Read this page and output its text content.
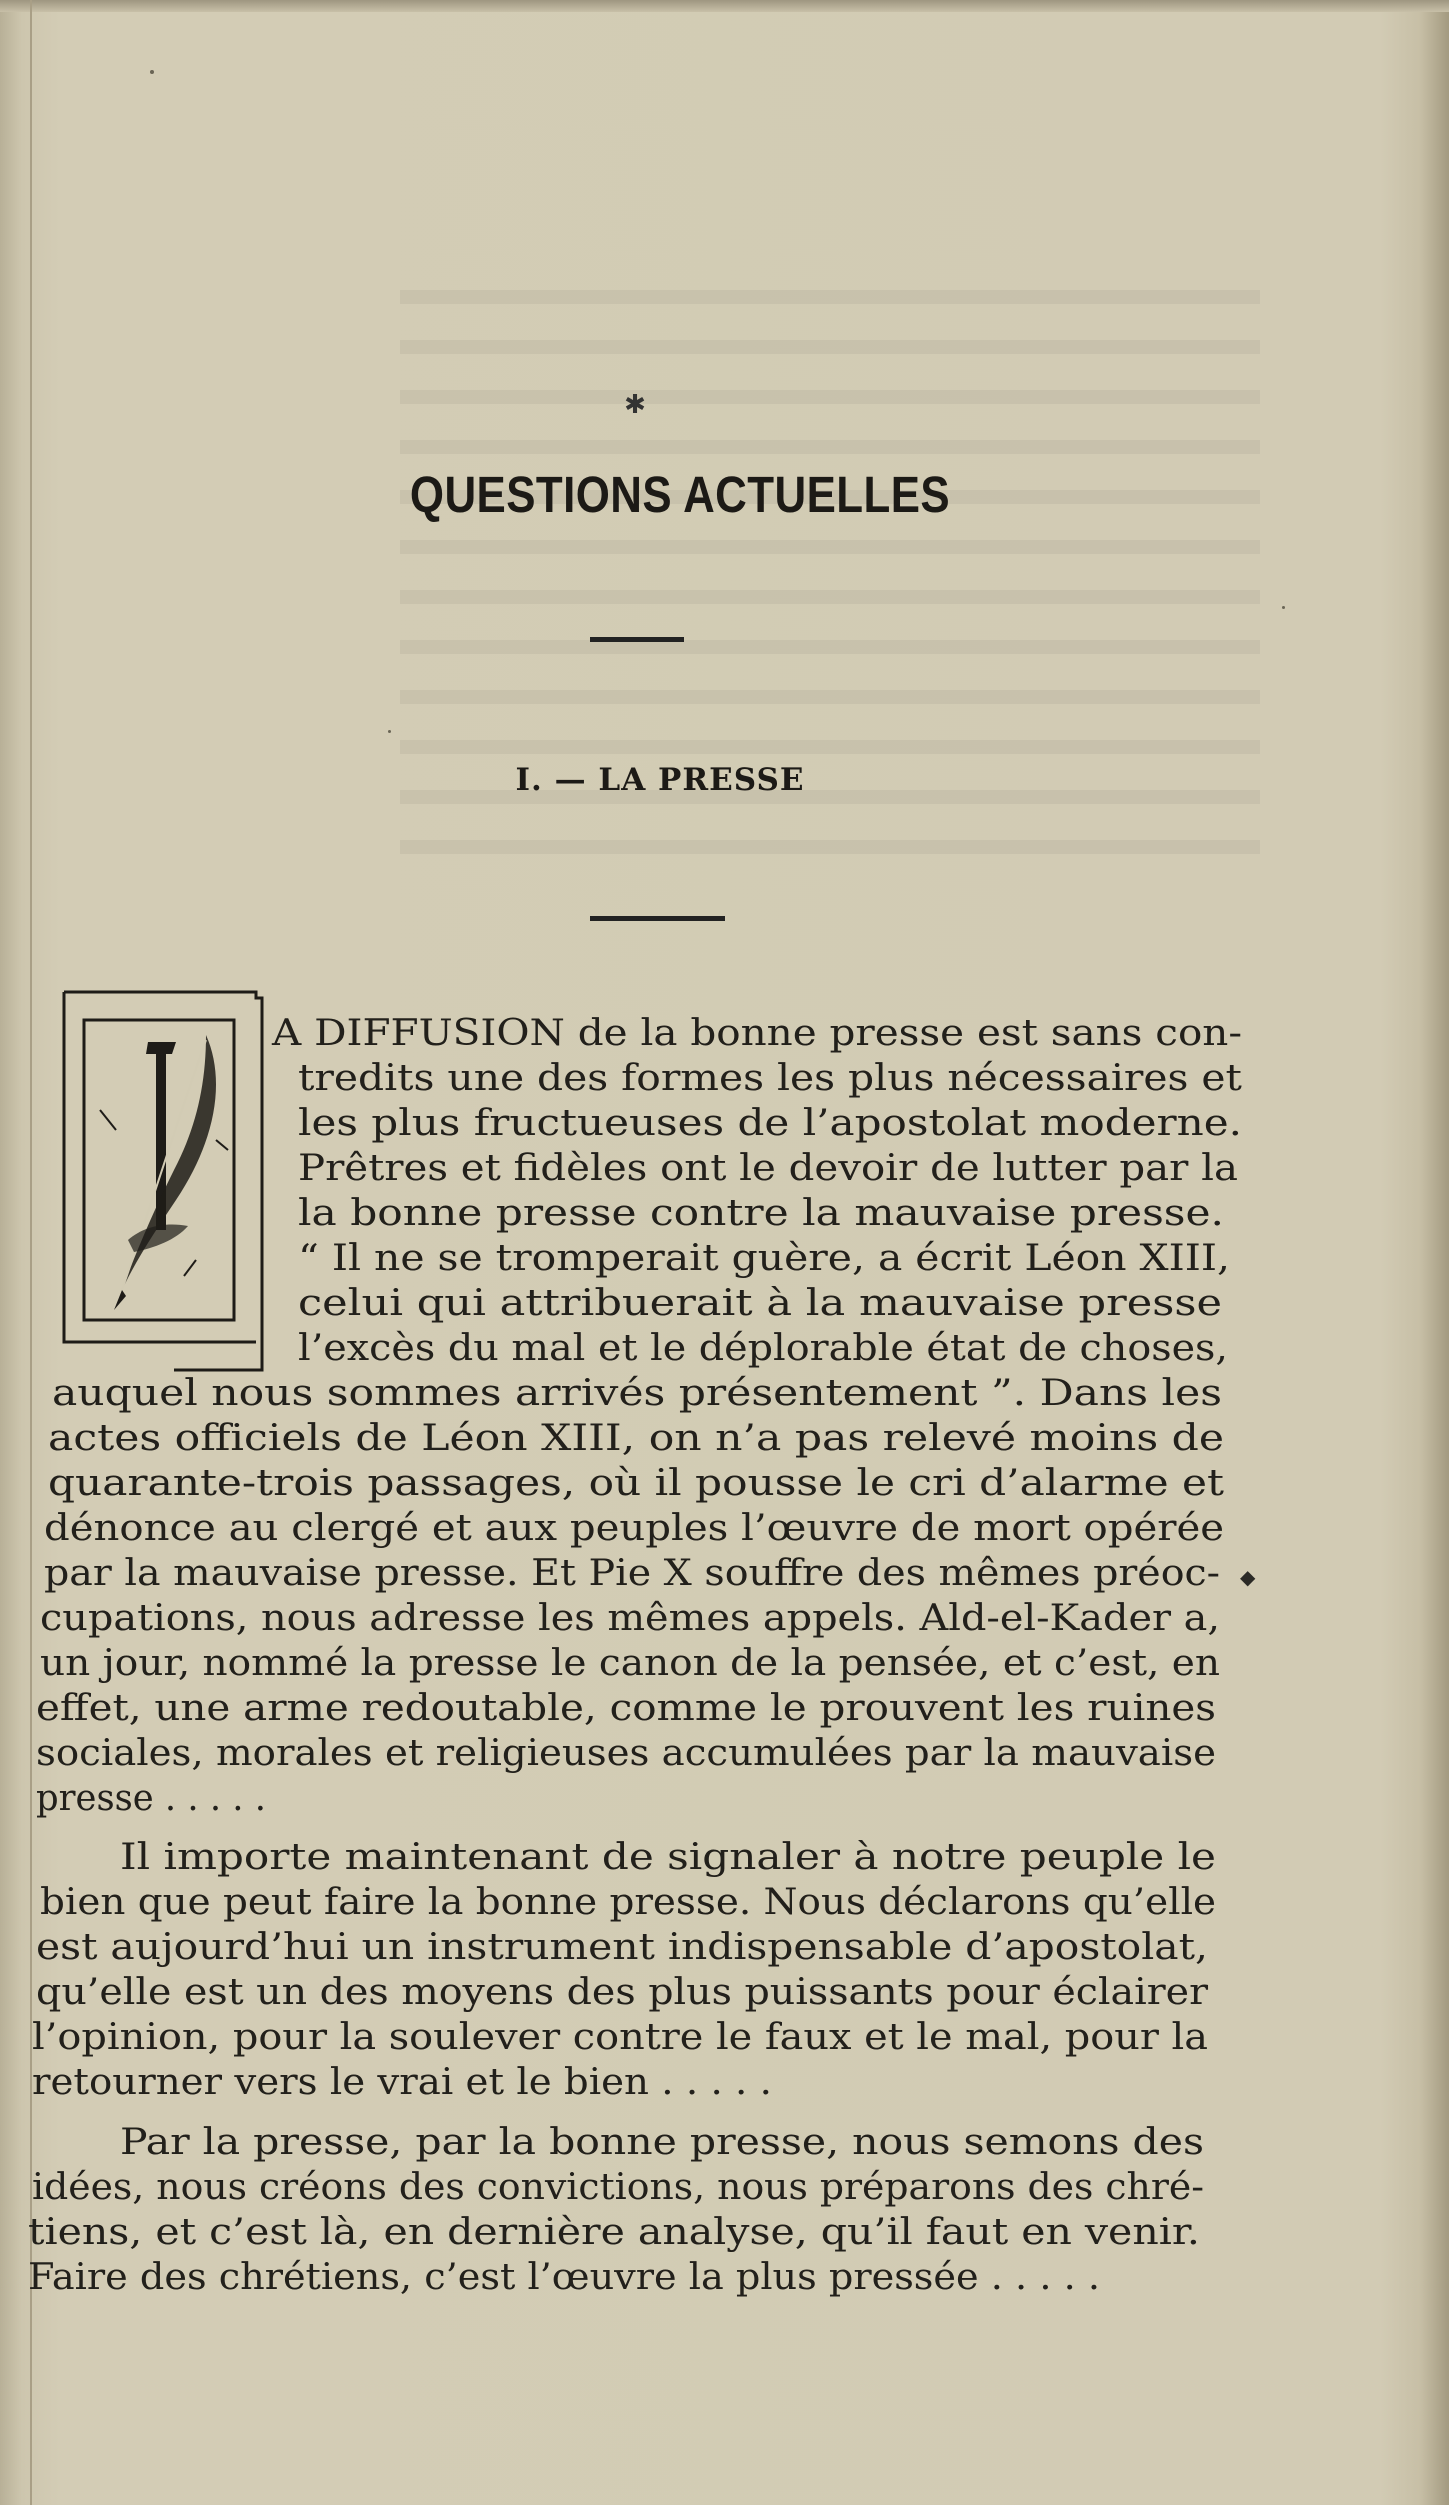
✱
QUESTIONS ACTUELLES
I. — LA PRESSE
A DIFFUSION de la bonne presse est sans con-
tredits une des formes les plus nécessaires et
les plus fructueuses de l’apostolat moderne.
Prêtres et fidèles ont le devoir de lutter par la
la bonne presse contre la mauvaise presse.
“ Il ne se tromperait guère, a écrit Léon XIII,
celui qui attribuerait à la mauvaise presse
l’excès du mal et le déplorable état de choses,
auquel nous sommes arrivés présentement ”. Dans les
actes officiels de Léon XIII, on n’a pas relevé moins de
quarante-trois passages, où il pousse le cri d’alarme et
dénonce au clergé et aux peuples l’œuvre de mort opérée
par la mauvaise presse. Et Pie X souffre des mêmes préoc-
cupations, nous adresse les mêmes appels. Ald-el-Kader a,
un jour, nommé la presse le canon de la pensée, et c’est, en
effet, une arme redoutable, comme le prouvent les ruines
sociales, morales et religieuses accumulées par la mauvaise
presse . . . . .
Il importe maintenant de signaler à notre peuple le
bien que peut faire la bonne presse. Nous déclarons qu’elle
est aujourd’hui un instrument indispensable d’apostolat,
qu’elle est un des moyens des plus puissants pour éclairer
l’opinion, pour la soulever contre le faux et le mal, pour la
retourner vers le vrai et le bien . . . . .
Par la presse, par la bonne presse, nous semons des
idées, nous créons des convictions, nous préparons des chré-
tiens, et c’est là, en dernière analyse, qu’il faut en venir.
Faire des chrétiens, c’est l’œuvre la plus pressée . . . . .
◆
